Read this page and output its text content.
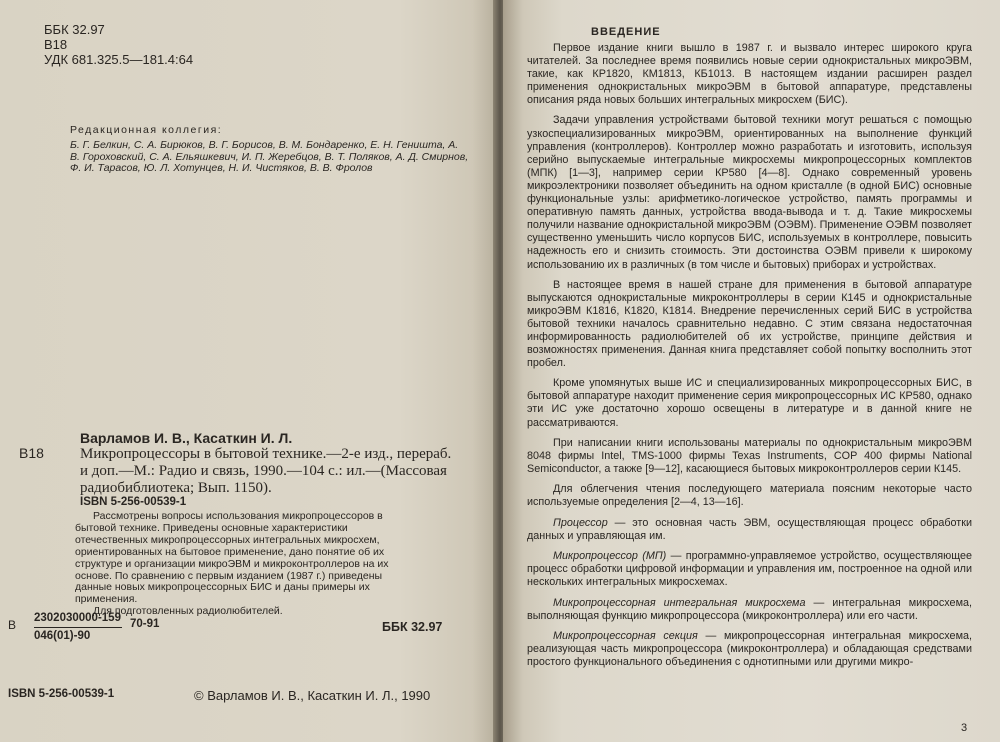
ББК 32.97
В18
УДК 681.325.5—181.4:64
Редакционная коллегия:
Б. Г. Белкин, С. А. Бирюков, В. Г. Борисов, В. М. Бондаренко, Е. Н. Геништа, А. В. Гороховский, С. А. Ельяшкевич, И. П. Жеребцов, В. Т. Поляков, А. Д. Смирнов, Ф. И. Тарасов, Ю. Л. Хотунцев, Н. И. Чистяков, В. В. Фролов
В18
Варламов И. В., Касаткин И. Л.
Микропроцессоры в бытовой технике.—2-е изд., перераб. и доп.—М.: Радио и связь, 1990.—104 с.: ил.—(Массовая радиобиблиотека; Вып. 1150).
ISBN 5-256-00539-1
Рассмотрены вопросы использования микропроцессоров в бытовой технике. Приведены основные характеристики отечественных микропроцессорных интегральных микросхем, ориентированных на бытовое применение, дано понятие об их структуре и организации микроЭВМ и микроконтроллеров на их основе. По сравнению с первым изданием (1987 г.) приведены данные новых микропроцессорных БИС и даны примеры их применения.
Для подготовленных радиолюбителей.
В 2302030000-159
046(01)-90
70-91	ББК 32.97
ISBN 5-256-00539-1	© Варламов И. В., Касаткин И. Л., 1990
ВВЕДЕНИЕ

Первое издание книги вышло в 1987 г. и вызвало интерес широкого круга читателей. За последнее время появились новые серии однокристальных микроЭВМ, такие, как КР1820, КМ1813, КБ1013. В настоящем издании расширен раздел применения однокристальных микроЭВМ в бытовой аппаратуре, представлены описания ряда новых больших интегральных микросхем (БИС).

Задачи управления устройствами бытовой техники могут решаться с помощью узкоспециализированных микроЭВМ, ориентированных на выполнение функций управления (контроллеров). Контроллер можно разработать и изготовить, используя серийно выпускаемые интегральные микросхемы микропроцессорных комплектов (МПК) [1—3], например серии КР580 [4—8]. Однако современный уровень микроэлектроники позволяет объединить на одном кристалле (в одной БИС) основные функциональные узлы: арифметико-логическое устройство, память программы и оперативную память данных, устройства ввода-вывода и т. д. Такие микросхемы получили название однокристальной микроЭВМ (ОЭВМ). Применение ОЭВМ позволяет существенно уменьшить число корпусов БИС, используемых в контроллере, повысить надежность его и снизить стоимость. Эти достоинства ОЭВМ привели к широкому использованию их в различных (в том числе и бытовых) приборах и устройствах.

В настоящее время в нашей стране для применения в бытовой аппаратуре выпускаются однокристальные микроконтроллеры в серии К145 и однокристальные микроЭВМ К1816, К1820, К1814. Внедрение перечисленных серий БИС в устройства бытовой техники началось сравнительно недавно. С этим связана недостаточная информированность радиолюбителей об их устройстве, принципе действия и возможностях применения. Данная книга представляет собой попытку восполнить этот пробел.

Кроме упомянутых выше ИС и специализированных микропроцессорных БИС, в бытовой аппаратуре находит применение серия микропроцессорных ИС КР580, однако эти ИС уже достаточно хорошо освещены в литературе и в данной книге не рассматриваются.

При написании книги использованы материалы по однокристальным микроЭВМ 8048 фирмы Intel, TMS-1000 фирмы Texas Instruments, COP 400 фирмы National Semiconductor, а также [9—12], касающиеся бытовых микроконтроллеров серии К145.

Для облегчения чтения последующего материала поясним некоторые часто используемые определения [2—4, 13—16].

Процессор — это основная часть ЭВМ, осуществляющая процесс обработки данных и управляющая им.

Микропроцессор (МП) — программно-управляемое устройство, осуществляющее процесс обработки цифровой информации и управления им, построенное на одной или нескольких интегральных микросхемах.

Микропроцессорная интегральная микросхема — интегральная микросхема, выполняющая функцию микропроцессора (микроконтроллера) или его части.

Микропроцессорная секция — микропроцессорная интегральная микросхема, реализующая часть микропроцессора (микроконтроллера) и обладающая средствами простого функционального объединения с однотипными или другими микро-

3
